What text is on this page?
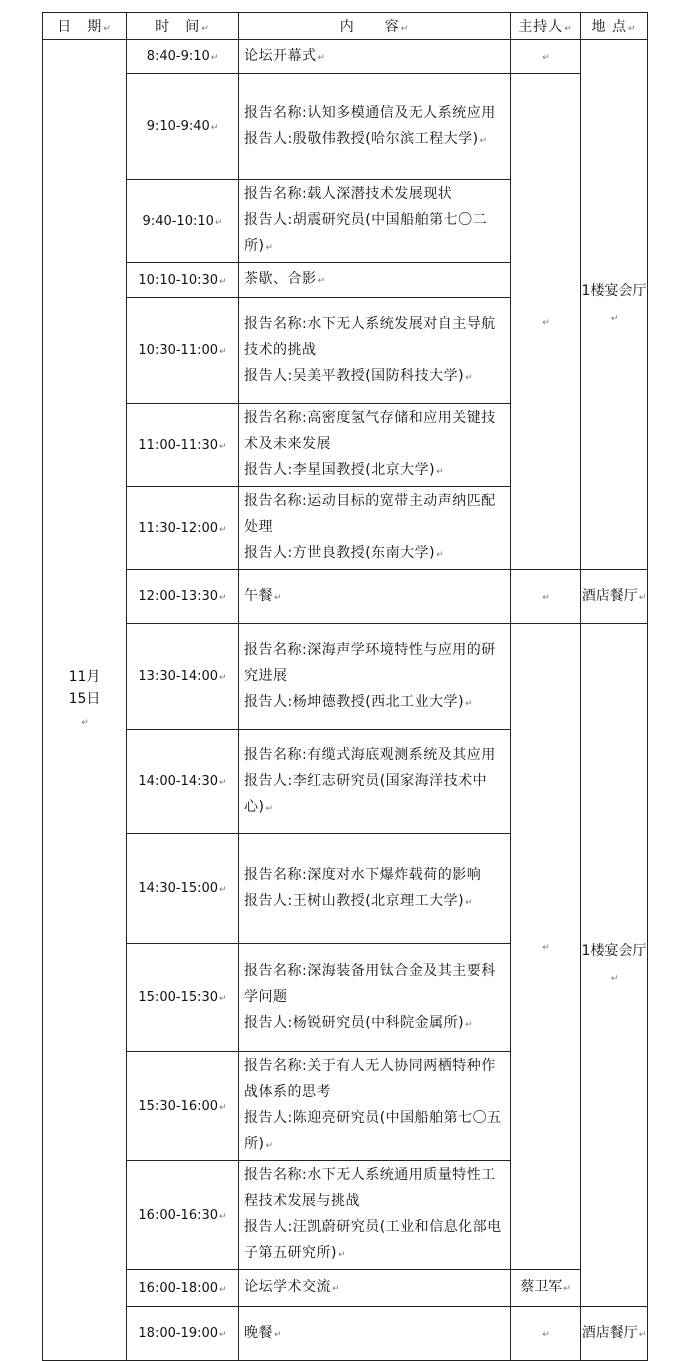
日　期↵	时　间↵	内　　容↵	主持人↵	地 点↵

11月
15日
↵	8:40-9:10↵	论坛开幕式↵	↵	1楼宴会厅↵
	9:10-9:40↵	报告名称:认知多模通信及无人系统应用
报告人:殷敬伟教授(哈尔滨工程大学)↵	↵	
	9:40-10:10↵	报告名称:载人深潜技术发展现状
报告人:胡震研究员(中国船舶第七〇二所)↵		

	10:10-10:30↵	茶歇、合影↵		

	10:30-11:00↵	报告名称:水下无人系统发展对自主导航技术的挑战
报告人:吴美平教授(国防科技大学)↵		

	11:00-11:30↵	报告名称:高密度氢气存储和应用关键技术及未来发展
报告人:李星国教授(北京大学)↵		

	11:30-12:00↵	报告名称:运动目标的宽带主动声纳匹配处理
报告人:方世良教授(东南大学)↵		

	12:00-13:30↵	午餐↵	↵	酒店餐厅↵
	13:30-14:00↵	报告名称:深海声学环境特性与应用的研究进展
报告人:杨坤德教授(西北工业大学)↵	↵	1楼宴会厅↵
	14:00-14:30↵	报告名称:有缆式海底观测系统及其应用
报告人:李红志研究员(国家海洋技术中心)↵		

	14:30-15:00↵	报告名称:深度对水下爆炸载荷的影响
报告人:王树山教授(北京理工大学)↵		

	15:00-15:30↵	报告名称:深海装备用钛合金及其主要科学问题
报告人:杨锐研究员(中科院金属所)↵		

	15:30-16:00↵	报告名称:关于有人无人协同两栖特种作战体系的思考
报告人:陈迎亮研究员(中国船舶第七〇五所)↵		

	16:00-16:30↵	报告名称:水下无人系统通用质量特性工程技术发展与挑战
报告人:汪凯蔚研究员(工业和信息化部电子第五研究所)↵		

	16:00-18:00↵	论坛学术交流↵	蔡卫军↵	
	18:00-19:00↵	晚餐↵	↵	酒店餐厅↵
